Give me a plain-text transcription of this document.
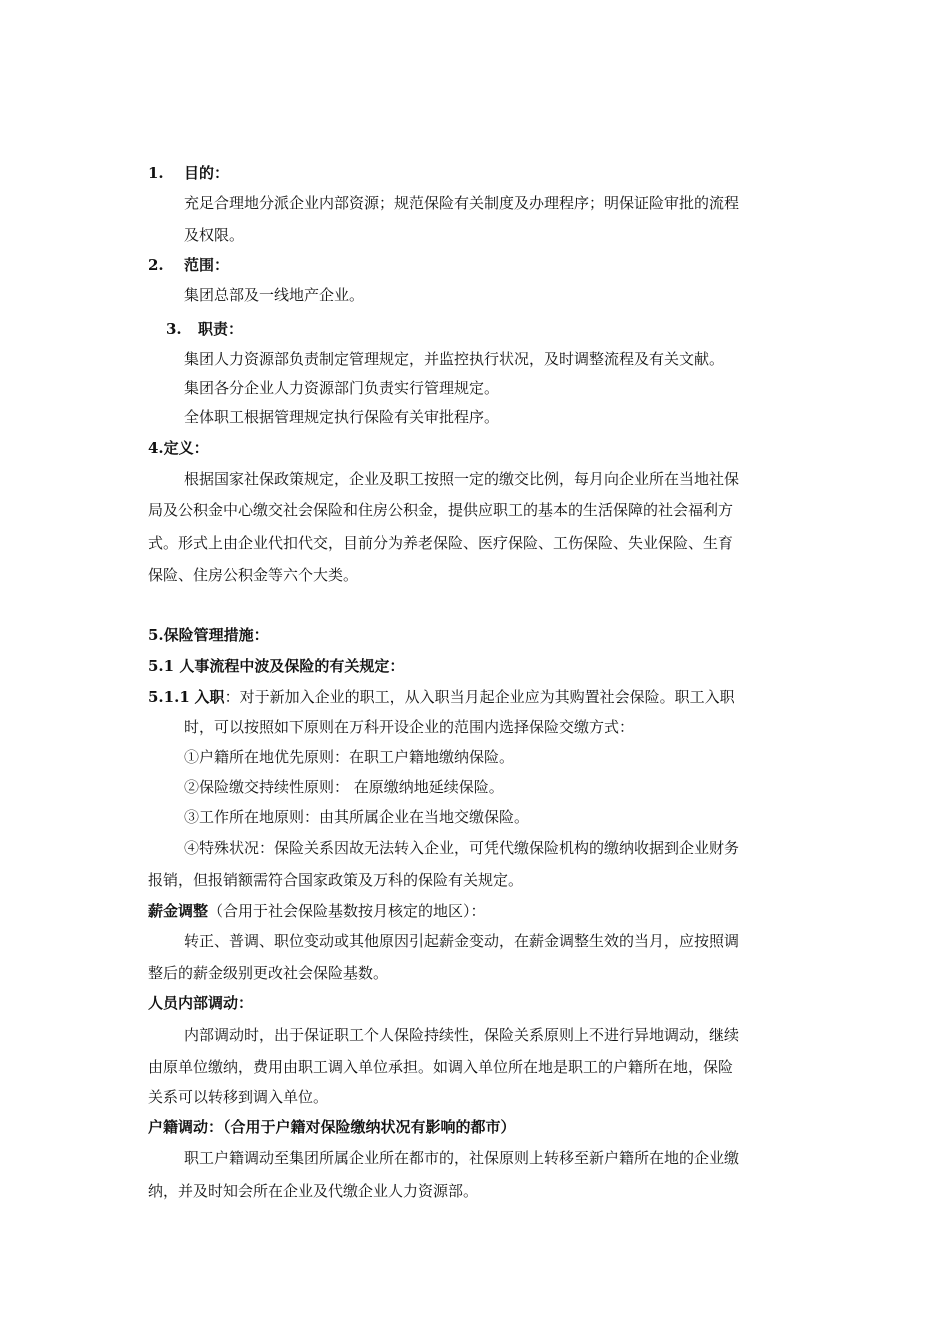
1. 目的：
充足合理地分派企业内部资源；规范保险有关制度及办理程序；明保证险审批的流程
及权限。
2. 范围：
集团总部及一线地产企业。
3. 职责：
集团人力资源部负责制定管理规定，并监控执行状况，及时调整流程及有关文献。
集团各分企业人力资源部门负责实行管理规定。
全体职工根据管理规定执行保险有关审批程序。
4.定义：
根据国家社保政策规定，企业及职工按照一定的缴交比例，每月向企业所在当地社保
局及公积金中心缴交社会保险和住房公积金，提供应职工的基本的生活保障的社会福利方
式。形式上由企业代扣代交，目前分为养老保险、医疗保险、工伤保险、失业保险、生育
保险、住房公积金等六个大类。
5.保险管理措施：
5.1 人事流程中波及保险的有关规定：
5.1.1 入职：对于新加入企业的职工，从入职当月起企业应为其购置社会保险。职工入职
时，可以按照如下原则在万科开设企业的范围内选择保险交缴方式：
①户籍所在地优先原则：在职工户籍地缴纳保险。
②保险缴交持续性原则： 在原缴纳地延续保险。
③工作所在地原则：由其所属企业在当地交缴保险。
④特殊状况：保险关系因故无法转入企业，可凭代缴保险机构的缴纳收据到企业财务
报销，但报销额需符合国家政策及万科的保险有关规定。
薪金调整（合用于社会保险基数按月核定的地区）：
转正、普调、职位变动或其他原因引起薪金变动，在薪金调整生效的当月，应按照调
整后的薪金级别更改社会保险基数。
人员内部调动：
内部调动时，出于保证职工个人保险持续性，保险关系原则上不进行异地调动，继续
由原单位缴纳，费用由职工调入单位承担。如调入单位所在地是职工的户籍所在地，保险
关系可以转移到调入单位。
户籍调动：（合用于户籍对保险缴纳状况有影响的都市）
职工户籍调动至集团所属企业所在都市的，社保原则上转移至新户籍所在地的企业缴
纳，并及时知会所在企业及代缴企业人力资源部。
